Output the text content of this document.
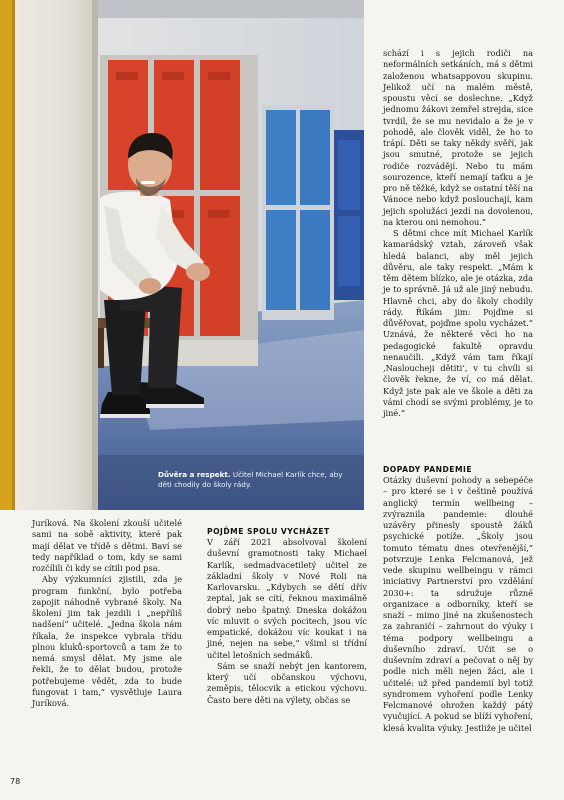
Důvěra a respekt. Učitel Michael Karlík chce, aby děti chodily do školy rády.

Juríková. Na školení zkouší učitelé sami na sobě aktivity, které pak mají dělat ve třídě s dětmi. Baví se tedy například o tom, kdy se sami rozčílili či kdy se cítili pod psa.

Aby výzkumníci zjistili, zda je program funkční, bylo potřeba zapojit náhodně vybrané školy. Na školení jim tak jezdili i „nepříliš nadšení“ učitelé. „Jedna škola nám říkala, že inspekce vybrala třídu plnou kluků-sportovců a tam že to nemá smysl dělat. My jsme ale řekli, že to dělat budou, protože potřebujeme vědět, zda to bude fungovat i tam,“ vysvětluje Laura Juríková.

POJĎME SPOLU VYCHÁZET

V září 2021 absolvoval školení duševní gramotnosti taky Michael Karlík, sedmadvacetiletý učitel ze základní školy v Nové Roli na Karlovarsku. „Kdybych se dětí dřív zeptal, jak se cítí, řeknou maximálně dobrý nebo špatný. Dneska dokážou víc mluvit o svých pocitech, jsou víc empatické, dokážou víc koukat i na jiné, nejen na sebe,“ všiml si třídní učitel letošních sedmáků.

Sám se snaží nebýt jen kantorem, který učí občanskou výchovu, zeměpis, tělocvik a etickou výchovu. Často bere děti na výlety, občas se

schází i s jejich rodiči na neformálních setkáních, má s dětmi založenou whatsappovou skupinu. Jelikož učí na malém městě, spoustu věcí se doslechne. „Když jednomu žákovi zemřel strejda, sice tvrdil, že se mu nevidalo a že je v pohodě, ale člověk viděl, že ho to trápí. Děti se taky někdy svěří, jak jsou smutné, protože se jejich rodiče rozvádějí. Nebo tu mám sourozence, kteří nemají taťku a je pro ně těžké, když se ostatní těší na Vánoce nebo když poslouchají, kam jejich spolužáci jezdí na dovolenou, na kterou oni nemohou.“

S dětmi chce mít Michael Karlík kamarádský vztah, zároveň však hledá balanci, aby měl jejich důvěru, ale taky respekt. „Mám k těm dětem blízko, ale je otázka, zda je to správně. Já už ale jiný nebudu. Hlavně chci, aby do školy chodily rády. Říkám jim: Pojďme si důvěřovat, pojďme spolu vycházet.“ Uznává, že některé věci ho na pedagogické fakultě opravdu nenaučili. „Když vám tam říkají ‚Nasloucheji dětiti‘, v tu chvíli si člověk řekne, že ví, co má dělat. Když jste pak ale ve škole a děti za vámi chodí se svými problémy, je to jiné.“

DOPADY PANDEMIE

Otázky duševní pohody a sebepéče – pro které se i v češtině používá anglický termín wellbeing – zvýraznila pandemie: dlouhé uzávěry přinesly spoustě žáků psychické potíže. „Školy jsou tomuto tématu dnes otevřenější,“ potvrzuje Lenka Felcmanová, jež vede skupinu wellbeingu v rámci iniciativy Partnerství pro vzdělání 2030+: ta sdružuje různé organizace a odborníky, kteří se snaží – mimo jiné na zkušenostech za zahraničí – zahrnout do výuky i téma podpory wellbeingu a duševního zdraví. Učit se o duševním zdraví a pečovat o něj by podle nich měli nejen žáci, ale i učitelé: už před pandemií byl totiž syndromem vyhoření podle Lenky Felcmanové ohrožen každý pátý vyučující. A pokud se blíží vyhoření, klesá kvalita výuky. Jestliže je učitel

78
